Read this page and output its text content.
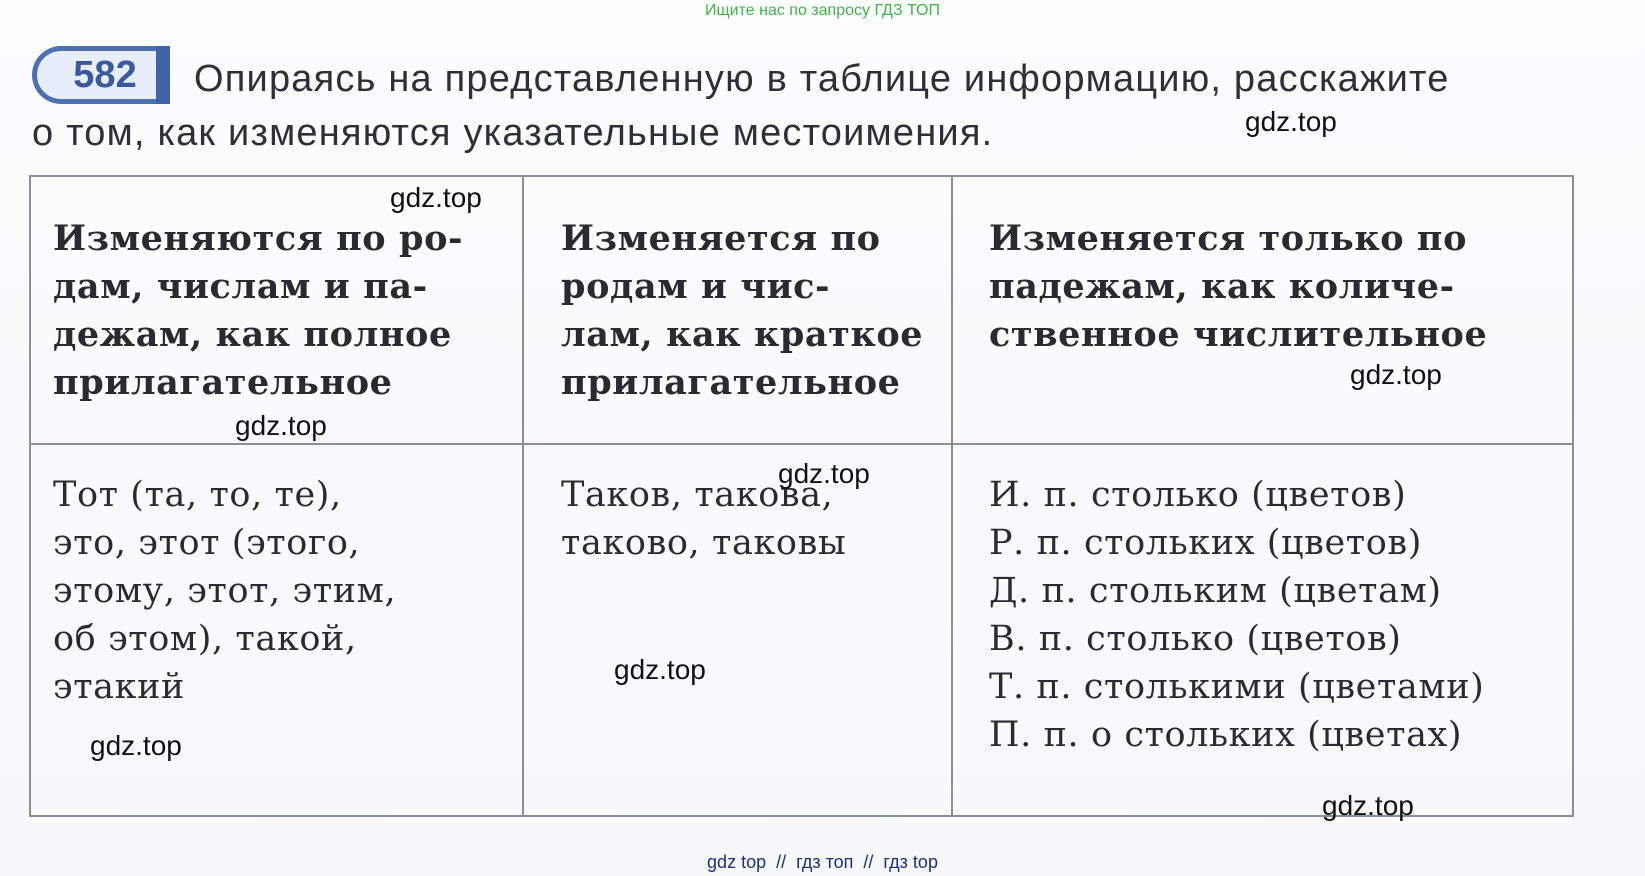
Ищите нас по запросу ГДЗ ТОП
582	Опираясь на представленную в таблице информацию, расскажите
о том, как изменяются указательные местоимения.
Изменяются по ро-
дам, числам и па-
дежам, как полное
прилагательное
Изменяется по
родам и чис-
лам, как краткое
прилагательное
Изменяется только по
падежам, как количе-
ственное числительное
Тот (та, то, те),
это, этот (этого,
этому, этот, этим,
об этом), такой,
этакий
Таков, такова,
таково, таковы
И. п. столько (цветов)
Р. п. стольких (цветов)
Д. п. стольким (цветам)
В. п. столько (цветов)
Т. п. столькими (цветами)
П. п. о стольких (цветах)
gdz.top
gdz.top
gdz.top
gdz.top
gdz.top
gdz.top
gdz.top
gdz.top
gdz top  //  гдз топ  //  гдз top
